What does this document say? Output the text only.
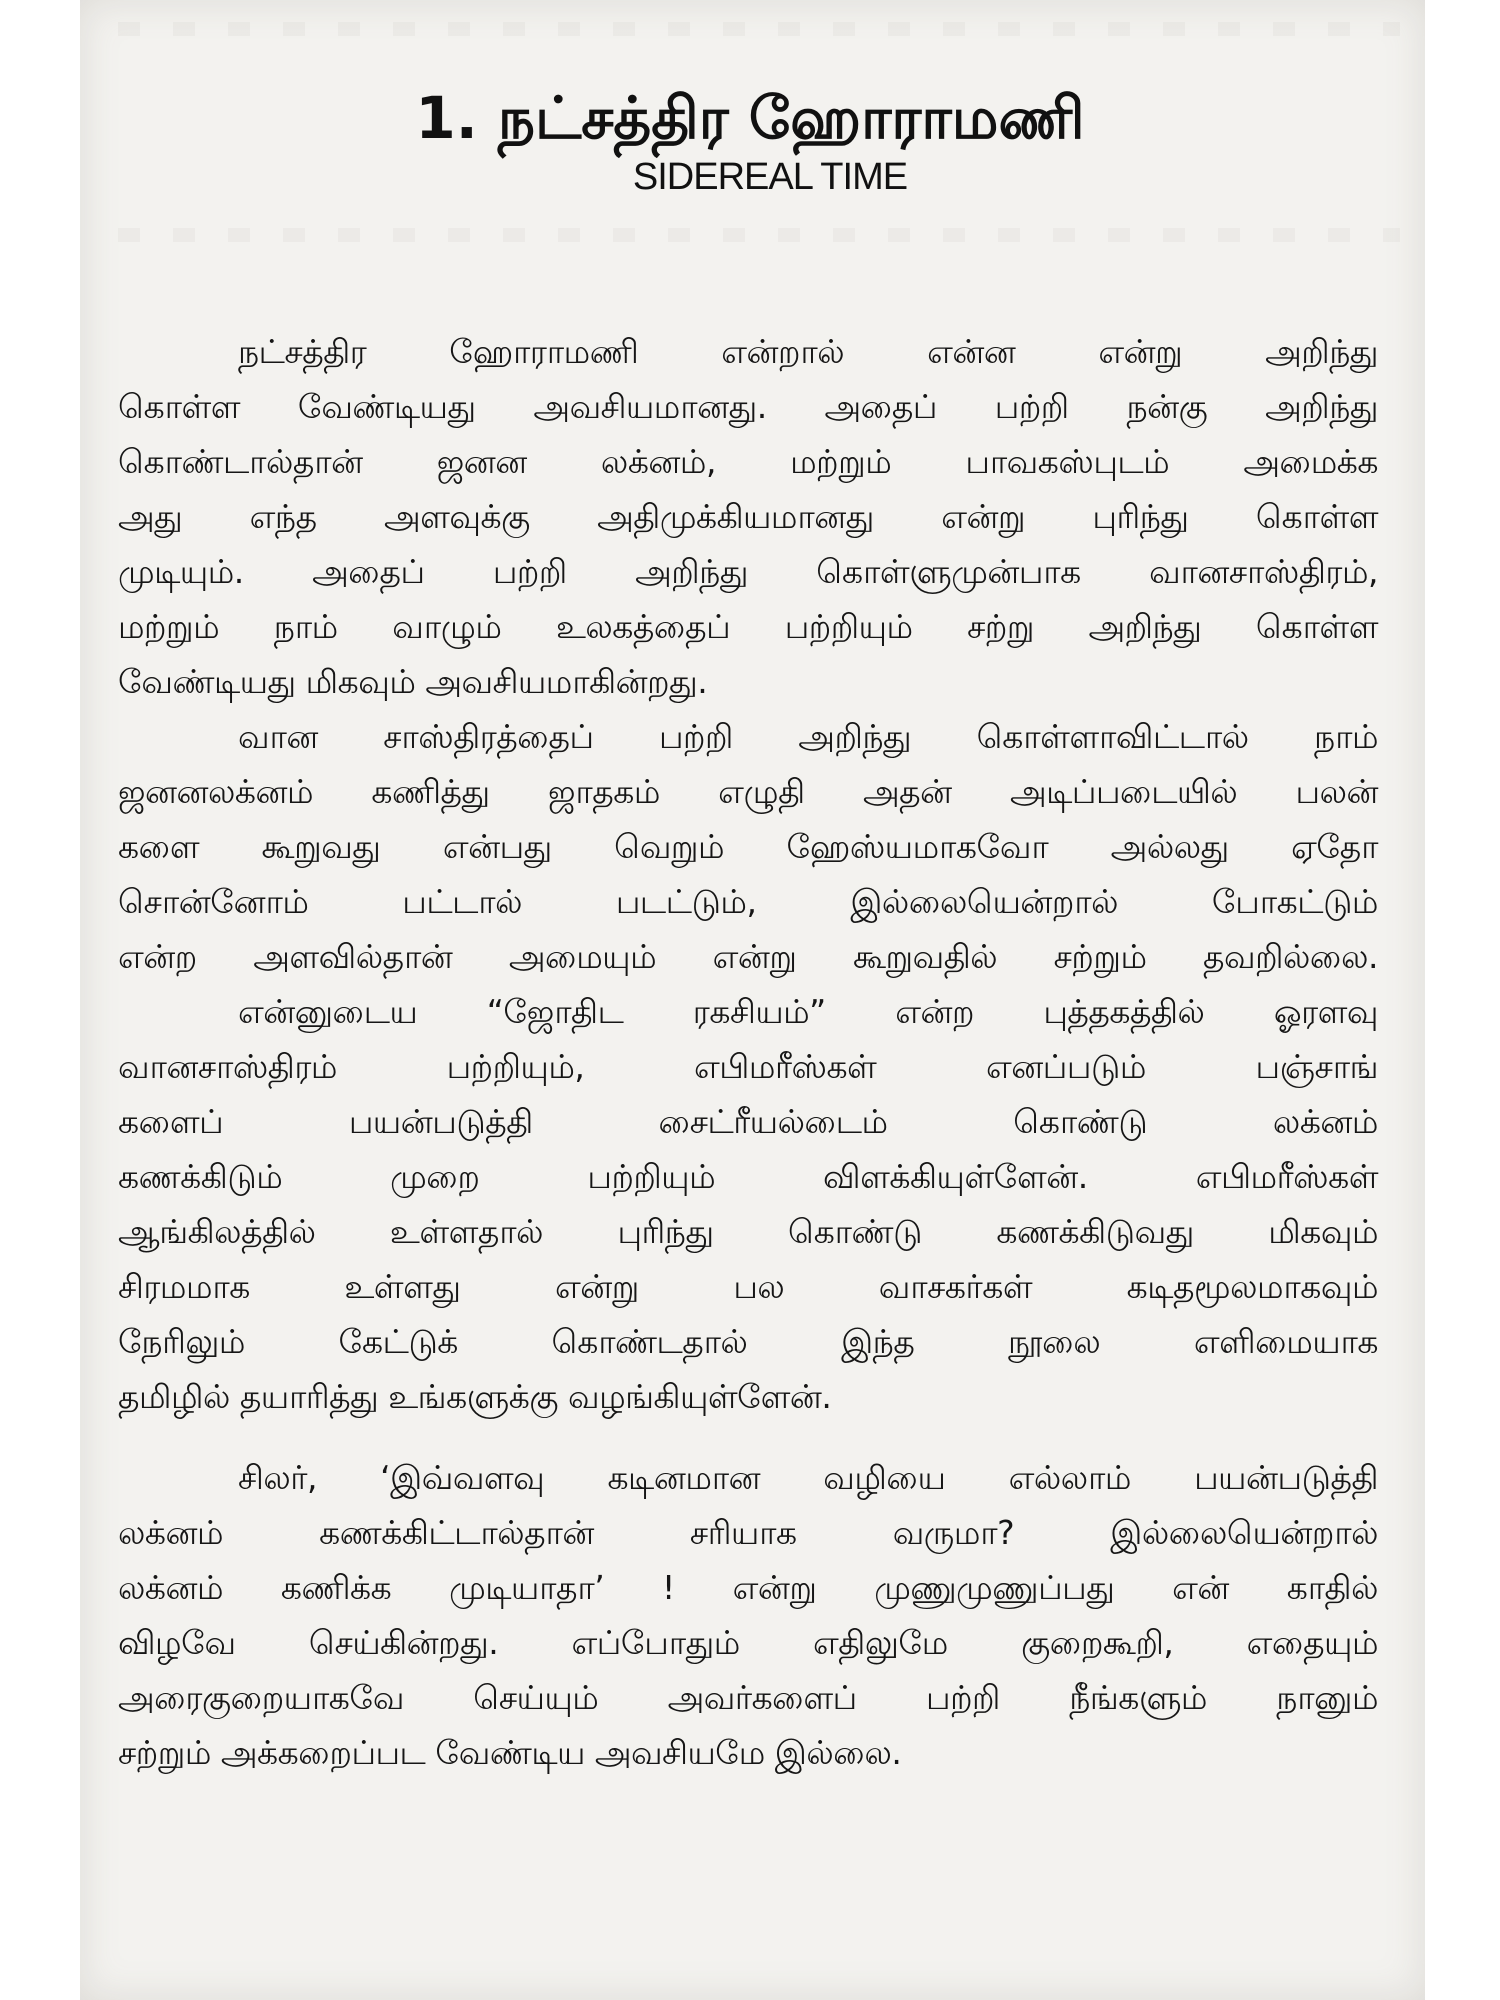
1. நட்சத்திர ஹோராமணி
SIDEREAL TIME
நட்சத்திர ஹோராமணி என்றால் என்ன என்று அறிந்து
கொள்ள வேண்டியது அவசியமானது. அதைப் பற்றி நன்கு அறிந்து
கொண்டால்தான் ஜனன லக்னம், மற்றும் பாவகஸ்புடம் அமைக்க
அது எந்த அளவுக்கு அதிமுக்கியமானது என்று புரிந்து கொள்ள
முடியும். அதைப் பற்றி அறிந்து கொள்ளுமுன்பாக வானசாஸ்திரம்,
மற்றும் நாம் வாழும் உலகத்தைப் பற்றியும் சற்று அறிந்து கொள்ள
வேண்டியது மிகவும் அவசியமாகின்றது.
வான சாஸ்திரத்தைப் பற்றி அறிந்து கொள்ளாவிட்டால் நாம்
ஜனனலக்னம் கணித்து ஜாதகம் எழுதி அதன் அடிப்படையில் பலன்
களை கூறுவது என்பது வெறும் ஹேஸ்யமாகவோ அல்லது ஏதோ
சொன்னோம் பட்டால் படட்டும், இல்லையென்றால் போகட்டும்
என்ற அளவில்தான் அமையும் என்று கூறுவதில் சற்றும் தவறில்லை.
என்னுடைய “ஜோதிட ரகசியம்” என்ற புத்தகத்தில் ஓரளவு
வானசாஸ்திரம் பற்றியும், எபிமரீஸ்கள் எனப்படும் பஞ்சாங்
களைப் பயன்படுத்தி சைட்ரீயல்டைம் கொண்டு லக்னம்
கணக்கிடும் முறை பற்றியும் விளக்கியுள்ளேன். எபிமரீஸ்கள்
ஆங்கிலத்தில் உள்ளதால் புரிந்து கொண்டு கணக்கிடுவது மிகவும்
சிரமமாக உள்ளது என்று பல வாசகர்கள் கடிதமூலமாகவும்
நேரிலும் கேட்டுக் கொண்டதால் இந்த நூலை எளிமையாக
தமிழில் தயாரித்து உங்களுக்கு வழங்கியுள்ளேன்.
சிலர், ‘இவ்வளவு கடினமான வழியை எல்லாம் பயன்படுத்தி
லக்னம் கணக்கிட்டால்தான் சரியாக வருமா? இல்லையென்றால்
லக்னம் கணிக்க முடியாதா’ ! என்று முணுமுணுப்பது என் காதில்
விழவே செய்கின்றது. எப்போதும் எதிலுமே குறைகூறி, எதையும்
அரைகுறையாகவே செய்யும் அவர்களைப் பற்றி நீங்களும் நானும்
சற்றும் அக்கறைப்பட வேண்டிய அவசியமே இல்லை.
